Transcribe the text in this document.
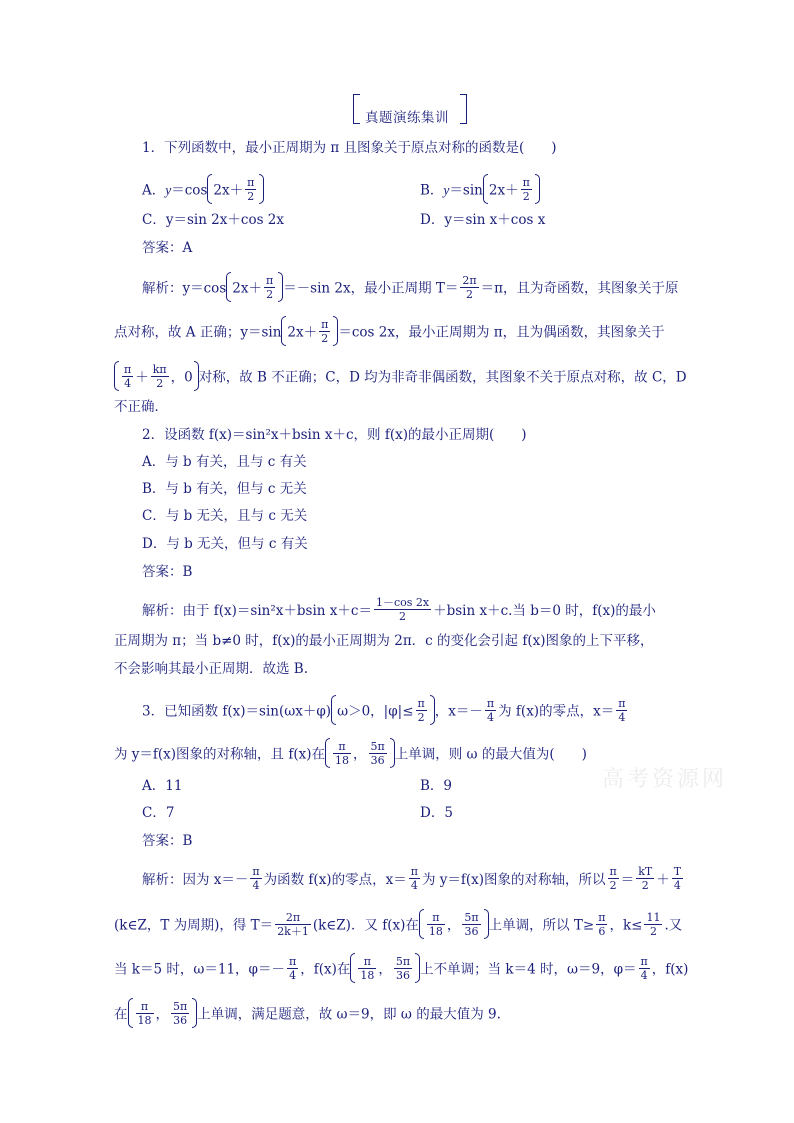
真题演练集训
高考资源网
1．下列函数中，最小正周期为 π 且图象关于原点对称的函数是(　　)
A．y＝cos $2x+ \frac{\pi}{2}$	B．y＝sin $2x+ \frac{\pi}{2}$
C．y＝sin 2x＋cos 2x	D．y＝sin x＋cos x
答案：A
解析：y＝cos $2x+ \frac{\pi}{2} =-\sin$ 2x，最小正周期 $T= \frac{2\pi}{2} =\pi$，且为奇函数，其图象关于原
点对称，故 A 正确；y＝sin $2x+ \frac{\pi}{2} =\cos$ 2x，最小正周期为 π，且为偶函数，其图象关于
$\frac{\pi}{4} + \frac{k\pi}{2}$ ，0 对称，故 B 不正确；C，D 均为非奇非偶函数，其图象不关于原点对称，故 C，D
不正确．
2．设函数 f(x)＝sin²x＋bsin x＋c，则 f(x)的最小正周期(　　)
A．与 b 有关，且与 c 有关
B．与 b 有关，但与 c 无关
C．与 b 无关，且与 c 无关
D．与 b 无关，但与 c 有关
答案：B
解析：由于 f(x)＝sin²x＋bsin $x+c= \frac{1-\cos 2x}{2} +bsin$ x＋c.当 b＝0 时，f(x)的最小
正周期为 π；当 b≠0 时，f(x)的最小正周期为 2π．c 的变化会引起 f(x)图象的上下平移，
不会影响其最小正周期．故选 B.
3．已知函数 f(x)＝sin(ωx＋φ) ω＞0，$|\varphi|\le \frac{\pi}{2}$ ，$x=- \frac{\pi}{4}$ 为 f(x)的零点，$x= \frac{\pi}{4}$
为 y＝f(x)图象的对称轴，且 f(x)在 $\frac{\pi}{18}$ ， $\frac{5\pi}{36}$ 上单调，则 ω 的最大值为(　　)
A．11	B．9
C．7	D．5
答案：B
解析：因为 $x=- \frac{\pi}{4}$ 为函数 f(x)的零点，$x= \frac{\pi}{4}$ 为 y＝f(x)图象的对称轴，所以 $\frac{\pi}{2} = \frac{kT}{2} + \frac{T}{4}$
(k∈Z，T 为周期)，得 $T= \frac{2\pi}{2k+1}$ (k∈Z)．又 f(x)在 $\frac{\pi}{18}$ ， $\frac{5\pi}{36}$ 上单调，所以 $T\ge \frac{\pi}{6}$ ，$k\le \frac{11}{2}$ .又
当 k＝5 时，ω＝11，$\varphi=- \frac{\pi}{4}$ ，f(x)在 $\frac{\pi}{18}$ ， $\frac{5\pi}{36}$ 上不单调；当 k＝4 时，ω＝9，$\varphi= \frac{\pi}{4}$ ，f(x)
在 $\frac{\pi}{18}$ ， $\frac{5\pi}{36}$ 上单调，满足题意，故 ω＝9，即 ω 的最大值为 9.
